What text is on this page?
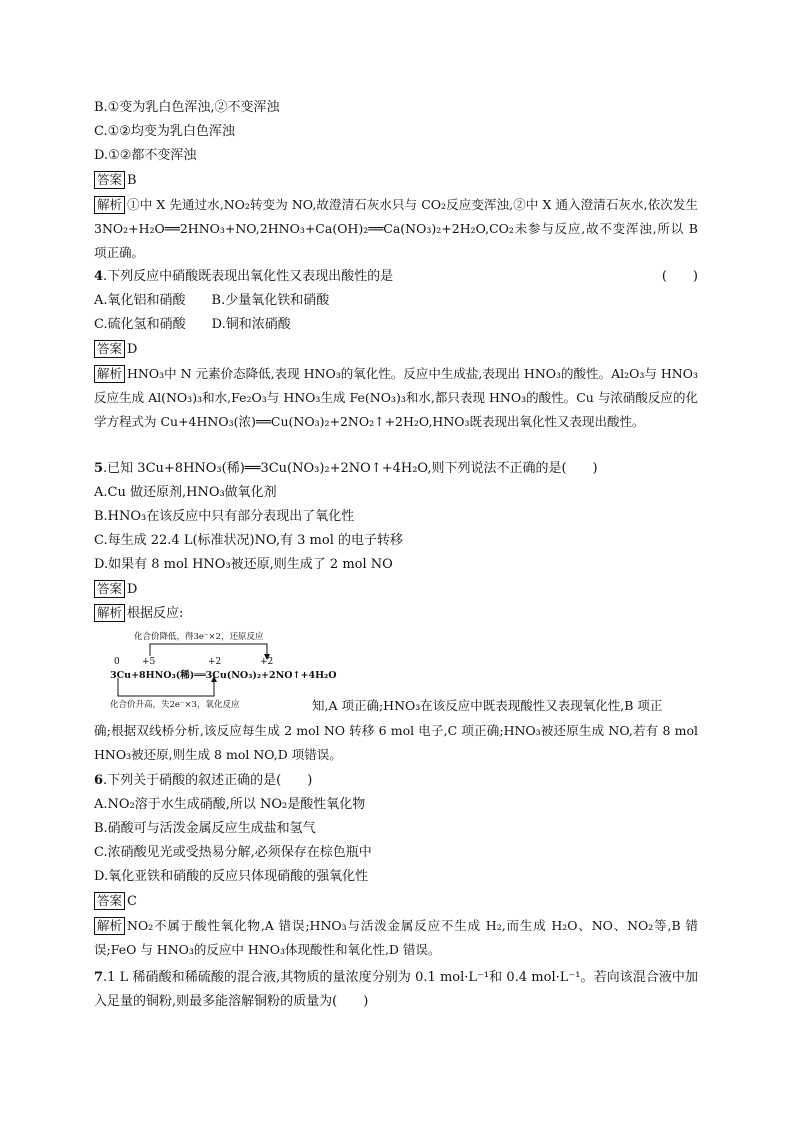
B.①变为乳白色浑浊,②不变浑浊
C.①②均变为乳白色浑浊
D.①②都不变浑浊
答案 B
解析 ①中 X 先通过水,NO₂转变为 NO,故澄清石灰水只与 CO₂反应变浑浊,②中 X 通入澄清石灰水,依次发生 3NO₂+H₂O══2HNO₃+NO,2HNO₃+Ca(OH)₂══Ca(NO₃)₂+2H₂O,CO₂未参与反应,故不变浑浊,所以 B 项正确。
4.下列反应中硝酸既表现出氧化性又表现出酸性的是	(　　)
A.氧化铝和硝酸　　B.少量氧化铁和硝酸
C.硫化氢和硝酸　　D.铜和浓硝酸
答案 D
解析 HNO₃中 N 元素价态降低,表现 HNO₃的氧化性。反应中生成盐,表现出 HNO₃的酸性。Al₂O₃与 HNO₃反应生成 Al(NO₃)₃和水,Fe₂O₃与 HNO₃生成 Fe(NO₃)₃和水,都只表现 HNO₃的酸性。Cu 与浓硝酸反应的化学方程式为 Cu+4HNO₃(浓)══Cu(NO₃)₂+2NO₂↑+2H₂O,HNO₃既表现出氧化性又表现出酸性。
5.已知 3Cu+8HNO₃(稀)══3Cu(NO₃)₂+2NO↑+4H₂O,则下列说法不正确的是(　　)
A.Cu 做还原剂,HNO₃做氧化剂
B.HNO₃在该反应中只有部分表现出了氧化性
C.每生成 22.4 L(标准状况)NO,有 3 mol 的电子转移
D.如果有 8 mol HNO₃被还原,则生成了 2 mol NO
答案 D
解析 根据反应:
化合价降低，得3e⁻×2，还原反应
0 +5	+2	+2
3Cu+8HNO₃(稀)══3Cu(NO₃)₂+2NO↑+4H₂O
化合价升高，失2e⁻×3，氧化反应	知,A 项正确;HNO₃在该反应中既表现酸性又表现氧化性,B 项正
确;根据双线桥分析,该反应每生成 2 mol NO 转移 6 mol 电子,C 项正确;HNO₃被还原生成 NO,若有 8 mol HNO₃被还原,则生成 8 mol NO,D 项错误。
6.下列关于硝酸的叙述正确的是(　　)
A.NO₂溶于水生成硝酸,所以 NO₂是酸性氧化物
B.硝酸可与活泼金属反应生成盐和氢气
C.浓硝酸见光或受热易分解,必须保存在棕色瓶中
D.氧化亚铁和硝酸的反应只体现硝酸的强氧化性
答案 C
解析 NO₂不属于酸性氧化物,A 错误;HNO₃与活泼金属反应不生成 H₂,而生成 H₂O、NO、NO₂等,B 错误;FeO 与 HNO₃的反应中 HNO₃体现酸性和氧化性,D 错误。
7.1 L 稀硝酸和稀硫酸的混合液,其物质的量浓度分别为 0.1 mol·L⁻¹和 0.4 mol·L⁻¹。若向该混合液中加入足量的铜粉,则最多能溶解铜粉的质量为(　　)
